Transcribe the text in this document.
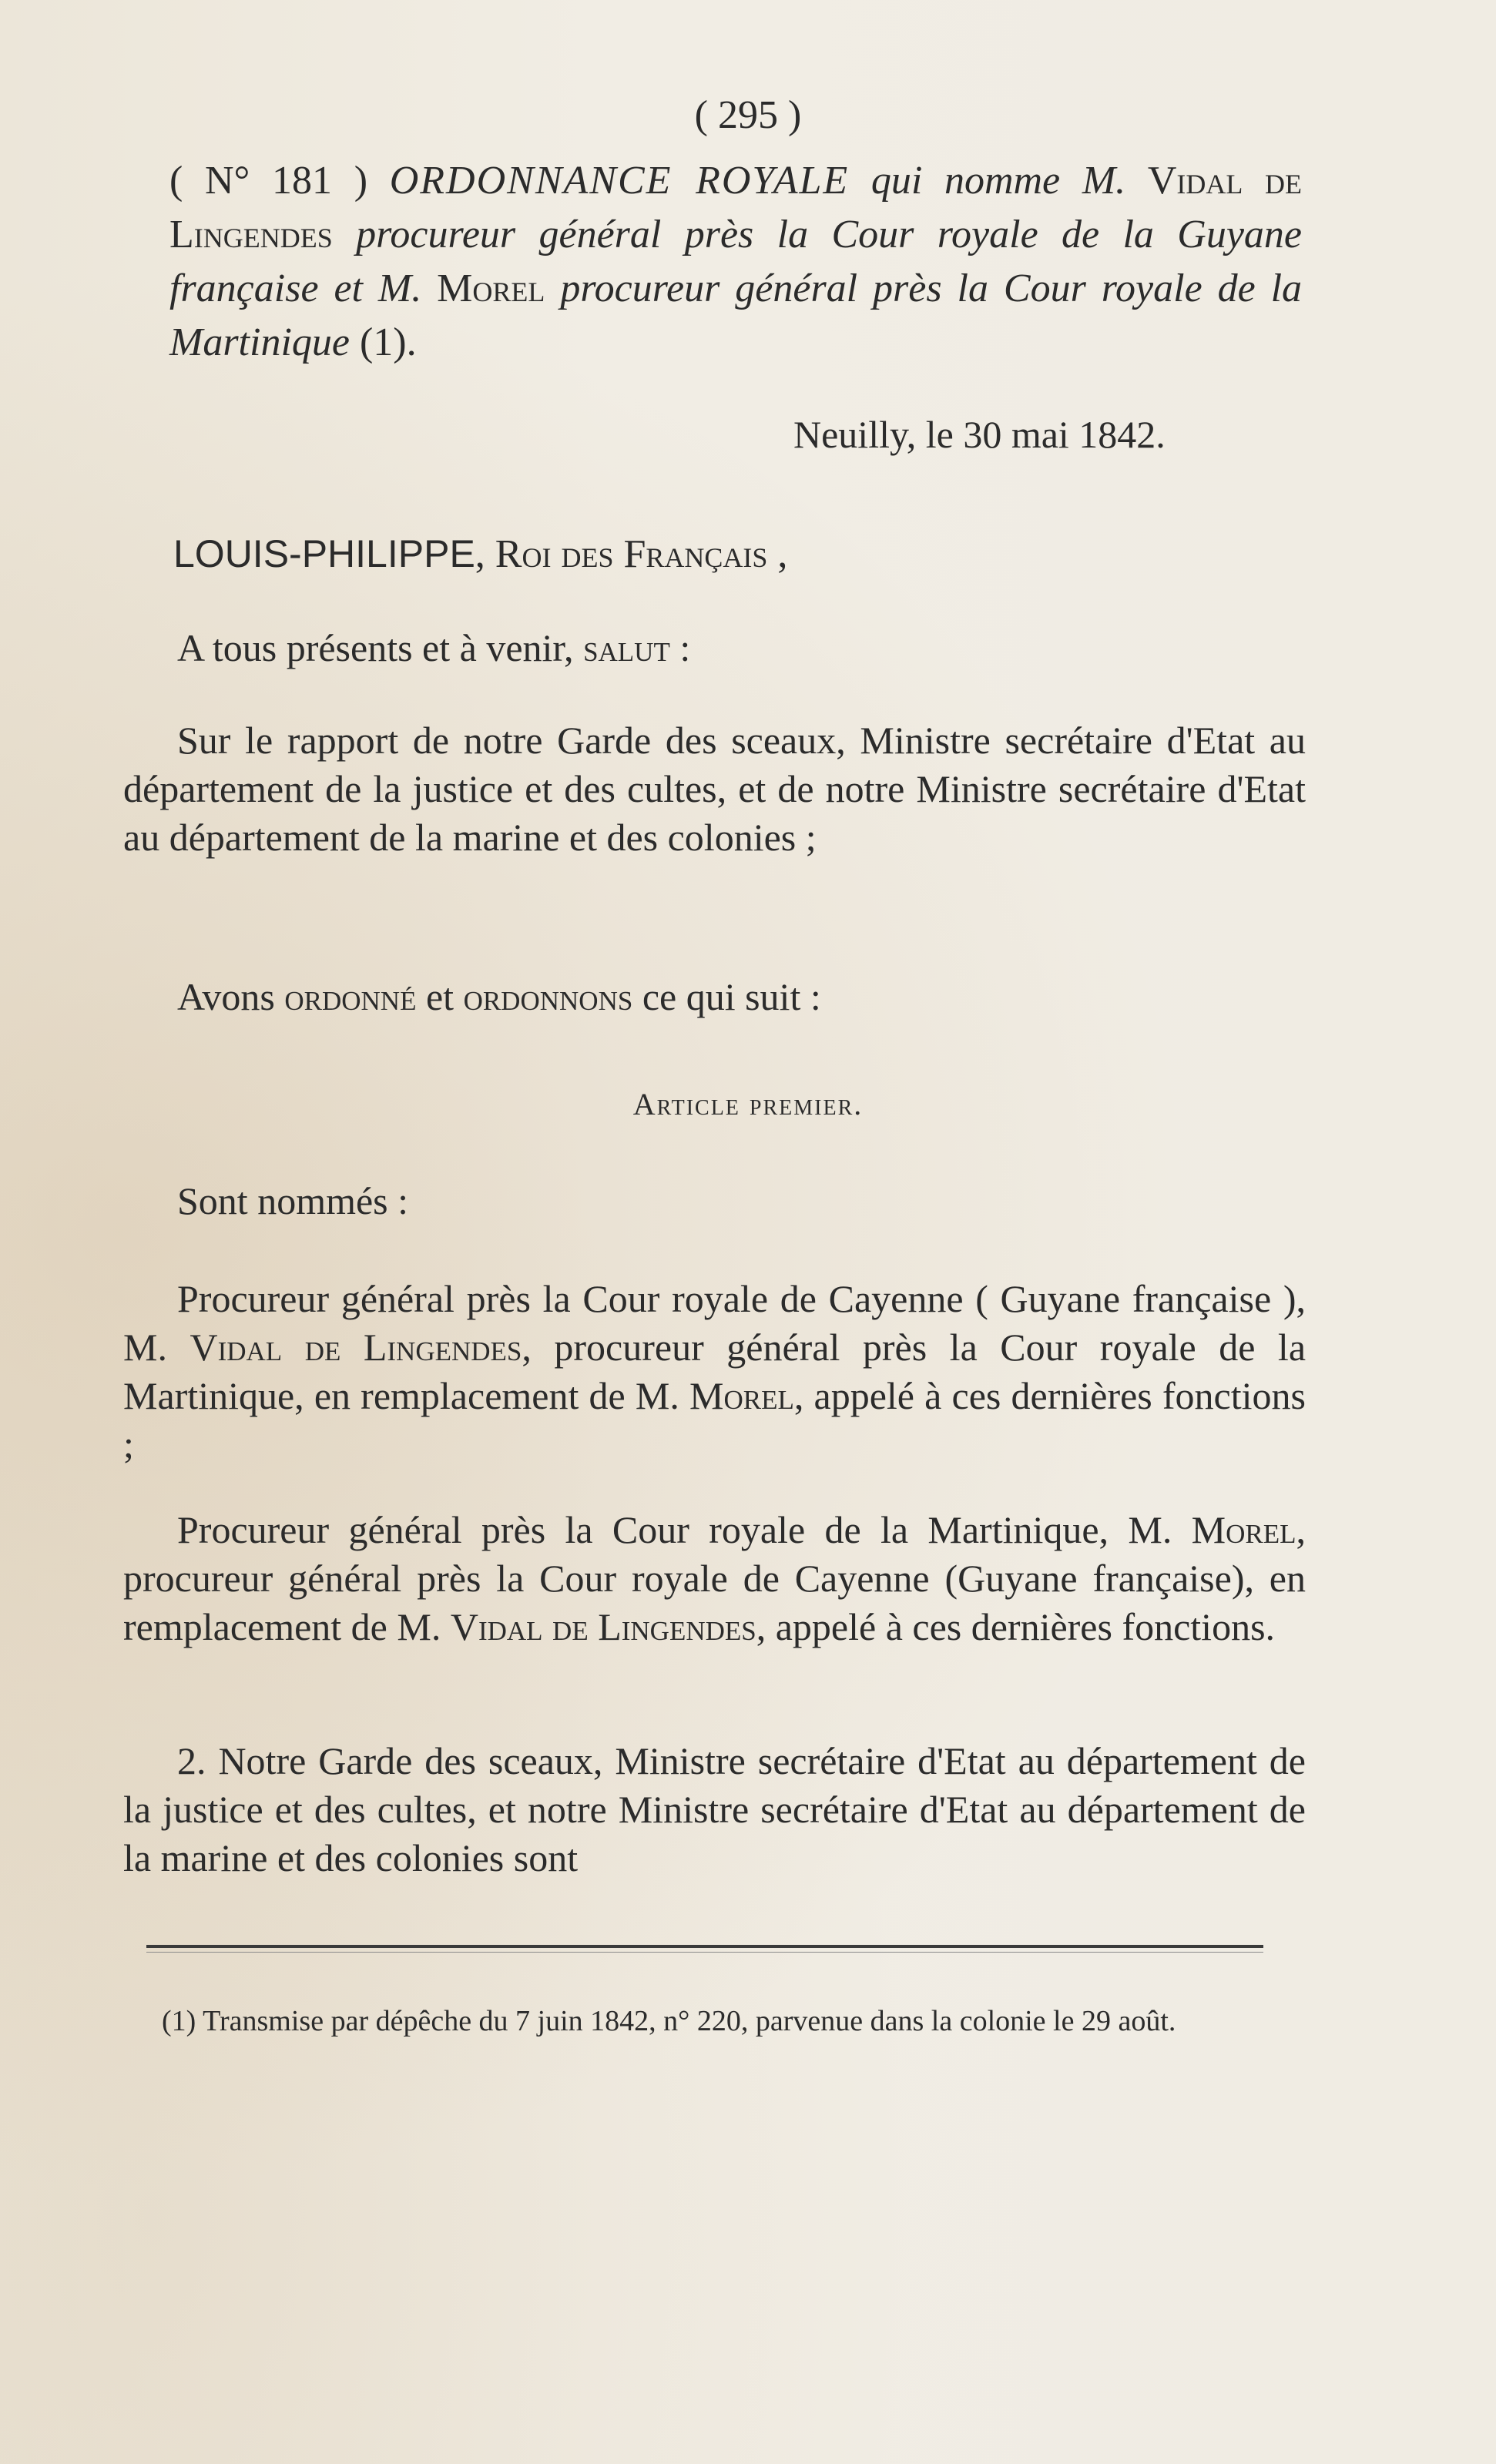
( 295 )
( N° 181 ) ORDONNANCE ROYALE qui nomme M. Vidal de Lingendes procureur général près la Cour royale de la Guyane française et M. Morel procureur général près la Cour royale de la Martinique (1).
Neuilly, le 30 mai 1842.
LOUIS-PHILIPPE, Roi des Français ,
A tous présents et à venir, salut :
Sur le rapport de notre Garde des sceaux, Ministre secrétaire d'Etat au département de la justice et des cultes, et de notre Ministre secrétaire d'Etat au département de la marine et des colonies ;
Avons ordonné et ordonnons ce qui suit :
Article premier.
Sont nommés :
Procureur général près la Cour royale de Cayenne ( Guyane française ), M. Vidal de Lingendes, procureur général près la Cour royale de la Martinique, en remplacement de M. Morel, appelé à ces dernières fonctions ;
Procureur général près la Cour royale de la Martinique, M. Morel, procureur général près la Cour royale de Cayenne (Guyane française), en remplacement de M. Vidal de Lingendes, appelé à ces dernières fonctions.
2. Notre Garde des sceaux, Ministre secrétaire d'Etat au département de la justice et des cultes, et notre Ministre secrétaire d'Etat au département de la marine et des colonies sont
(1) Transmise par dépêche du 7 juin 1842, n° 220, parvenue dans la colonie le 29 août.
